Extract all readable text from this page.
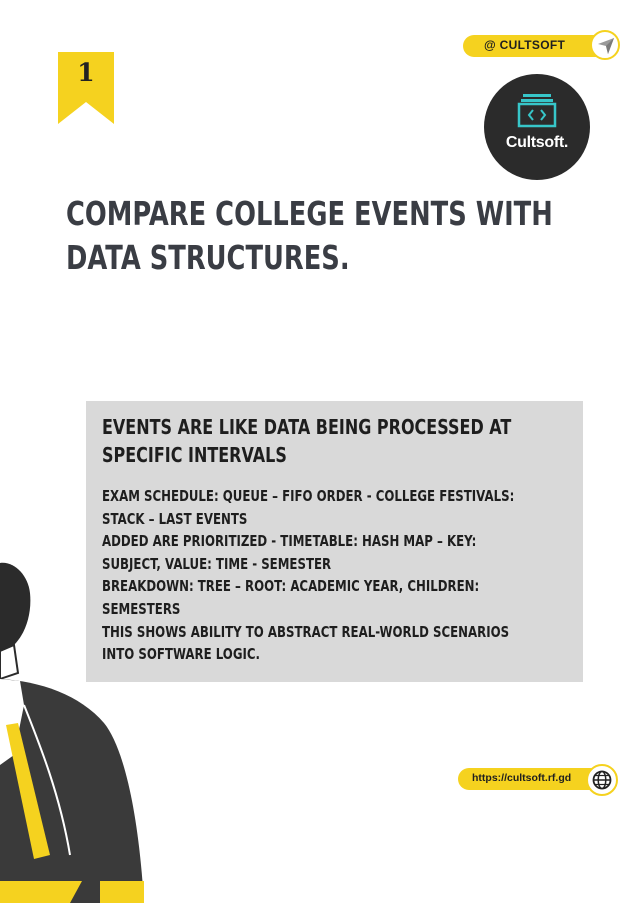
1
@ CULTSOFT
Cultsoft.
COMPARE COLLEGE EVENTS WITH
DATA STRUCTURES.
EVENTS ARE LIKE DATA BEING PROCESSED AT
SPECIFIC INTERVALS
EXAM SCHEDULE: QUEUE – FIFO ORDER - COLLEGE FESTIVALS:
STACK – LAST EVENTS
ADDED ARE PRIORITIZED - TIMETABLE: HASH MAP – KEY:
SUBJECT, VALUE: TIME - SEMESTER
BREAKDOWN: TREE – ROOT: ACADEMIC YEAR, CHILDREN:
SEMESTERS
THIS SHOWS ABILITY TO ABSTRACT REAL-WORLD SCENARIOS
INTO SOFTWARE LOGIC.
https://cultsoft.rf.gd
